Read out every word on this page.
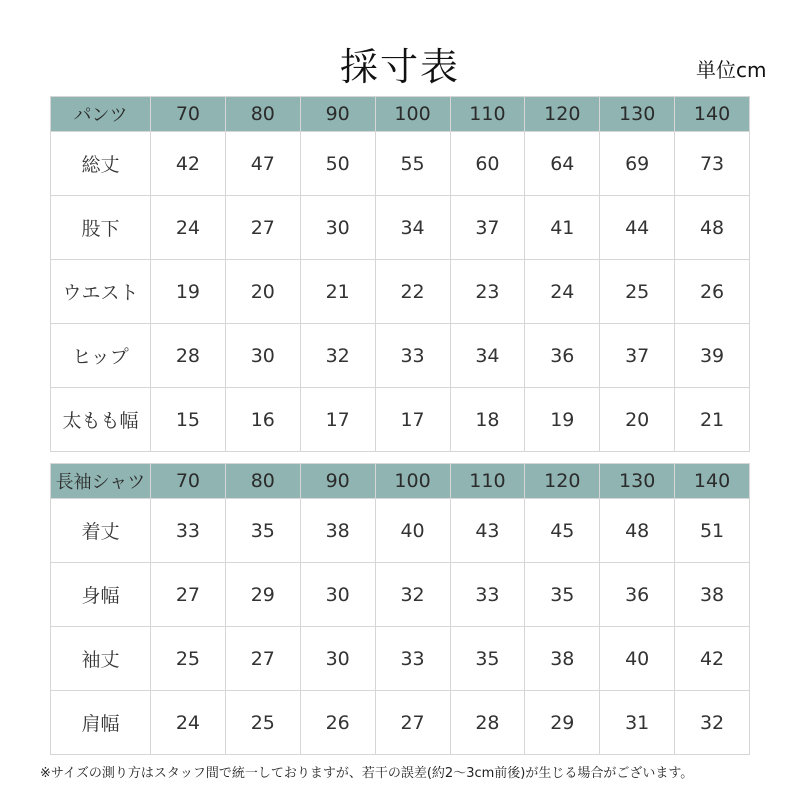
採寸表	単位cm
パンツ	70	80	90	100	110	120	130	140
総丈	42	47	50	55	60	64	69	73
股下	24	27	30	34	37	41	44	48
ウエスト	19	20	21	22	23	24	25	26
ヒップ	28	30	32	33	34	36	37	39
太もも幅	15	16	17	17	18	19	20	21
長袖シャツ	70	80	90	100	110	120	130	140
着丈	33	35	38	40	43	45	48	51
身幅	27	29	30	32	33	35	36	38
袖丈	25	27	30	33	35	38	40	42
肩幅	24	25	26	27	28	29	31	32
※サイズの測り方はスタッフ間で統一しておりますが、若干の誤差(約2〜3cm前後)が生じる場合がございます。
